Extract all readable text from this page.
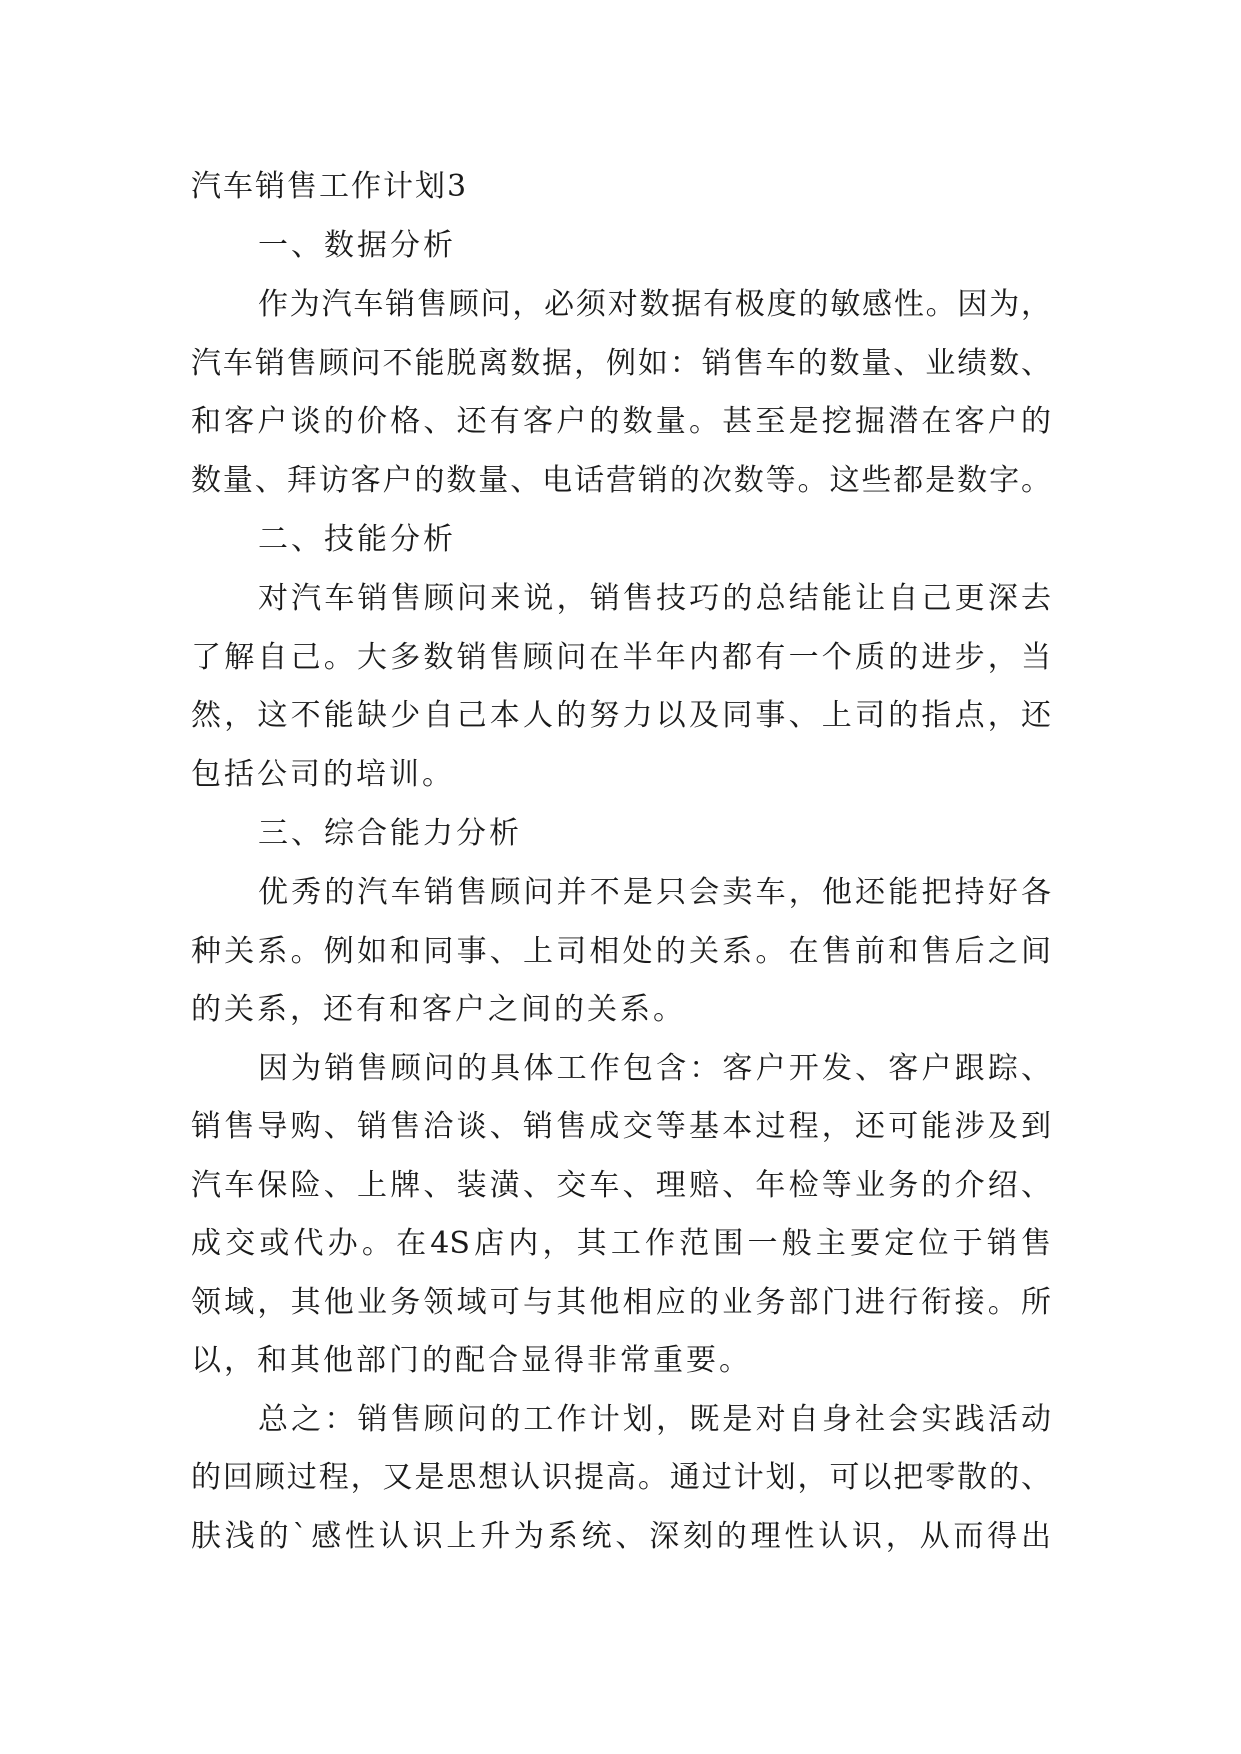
汽车销售工作计划3
一、数据分析
作为汽车销售顾问，必须对数据有极度的敏感性。因为，
汽车销售顾问不能脱离数据，例如：销售车的数量、业绩数、
和客户谈的价格、还有客户的数量。甚至是挖掘潜在客户的
数量、拜访客户的数量、电话营销的次数等。这些都是数字。
二、技能分析
对汽车销售顾问来说，销售技巧的总结能让自己更深去
了解自己。大多数销售顾问在半年内都有一个质的进步，当
然，这不能缺少自己本人的努力以及同事、上司的指点，还
包括公司的培训。
三、综合能力分析
优秀的汽车销售顾问并不是只会卖车，他还能把持好各
种关系。例如和同事、上司相处的关系。在售前和售后之间
的关系，还有和客户之间的关系。
因为销售顾问的具体工作包含：客户开发、客户跟踪、
销售导购、销售洽谈、销售成交等基本过程，还可能涉及到
汽车保险、上牌、装潢、交车、理赔、年检等业务的介绍、
成交或代办。在4S店内，其工作范围一般主要定位于销售
领域，其他业务领域可与其他相应的业务部门进行衔接。所
以，和其他部门的配合显得非常重要。
总之：销售顾问的工作计划，既是对自身社会实践活动
的回顾过程，又是思想认识提高。通过计划，可以把零散的、
肤浅的`感性认识上升为系统、深刻的理性认识，从而得出
